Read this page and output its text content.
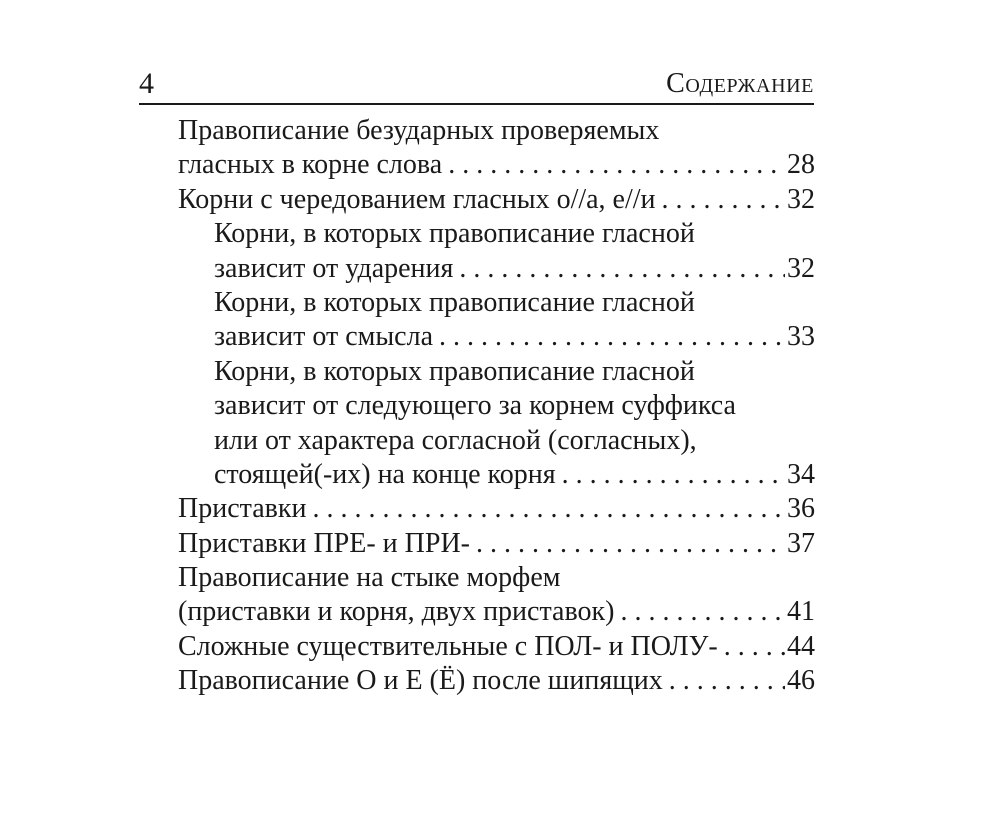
4	Содержание
Правописание безударных проверяемых
гласных в корне слова . . .	28
Корни с чередованием гласных о//а, е//и . . .	32
Корни, в которых правописание гласной
зависит от ударения . . .	32
Корни, в которых правописание гласной
зависит от смысла . . .	33
Корни, в которых правописание гласной
зависит от следующего за корнем суффикса
или от характера согласной (согласных),
стоящей(-их) на конце корня . . .	34
Приставки . . .	36
Приставки ПРЕ- и ПРИ- . . .	37
Правописание на стыке морфем
(приставки и корня, двух приставок) . . .	41
Сложные существительные с ПОЛ- и ПОЛУ- . . . 44
Правописание О и Е (Ё) после шипящих . . .	46
